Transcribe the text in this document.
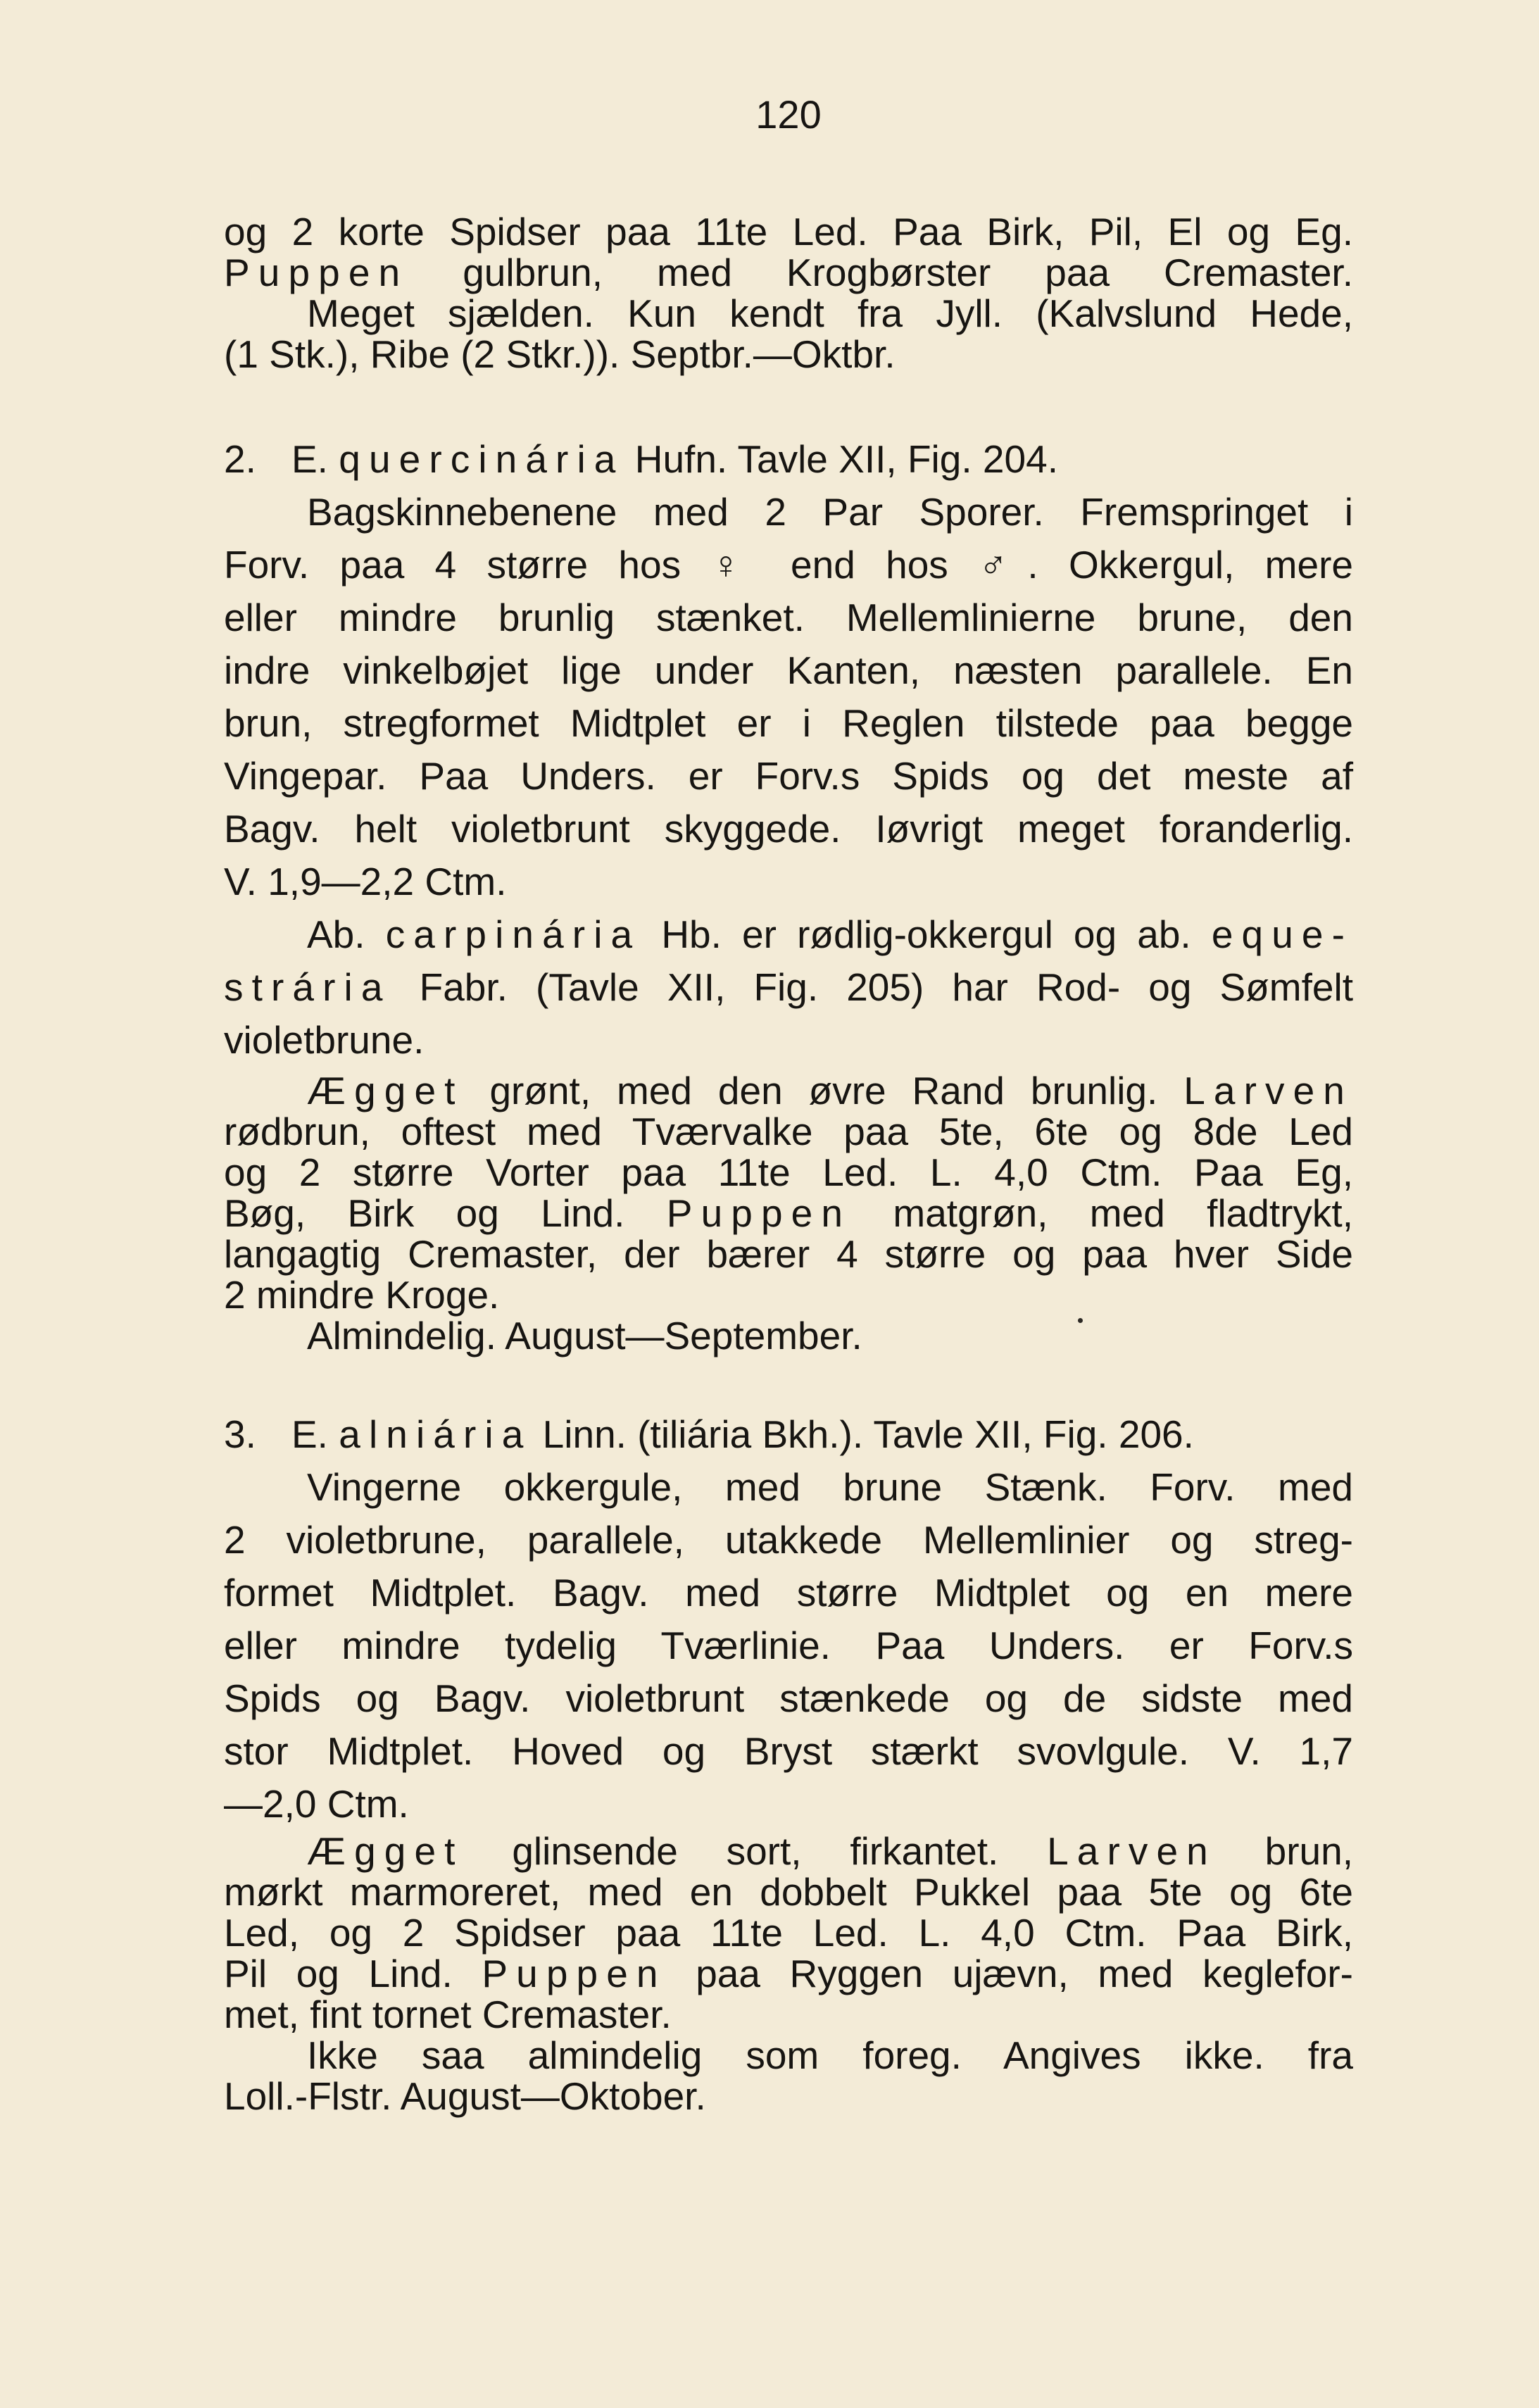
120
og 2 korte Spidser paa 11te Led. Paa Birk, Pil, El og Eg.
Puppen gulbrun, med Krogbørster paa Cremaster.
Meget sjælden. Kun kendt fra Jyll. (Kalvslund Hede,
(1 Stk.), Ribe (2 Stkr.)). Septbr.—Oktbr.
2. E. quercinária Hufn. Tavle XII, Fig. 204.
Bagskinnebenene med 2 Par Sporer. Fremspringet i
Forv. paa 4 større hos ♀ end hos ♂. Okkergul, mere
eller mindre brunlig stænket. Mellemlinierne brune, den
indre vinkelbøjet lige under Kanten, næsten parallele. En
brun, stregformet Midtplet er i Reglen tilstede paa begge
Vingepar. Paa Unders. er Forv.s Spids og det meste af
Bagv. helt violetbrunt skyggede. Iøvrigt meget foranderlig.
V. 1,9—2,2 Ctm.
Ab. carpinária Hb. er rødlig-okkergul og ab. eque-
strária Fabr. (Tavle XII, Fig. 205) har Rod- og Sømfelt
violetbrune.
Ægget grønt, med den øvre Rand brunlig. Larven
rødbrun, oftest med Tværvalke paa 5te, 6te og 8de Led
og 2 større Vorter paa 11te Led. L. 4,0 Ctm. Paa Eg,
Bøg, Birk og Lind. Puppen matgrøn, med fladtrykt,
langagtig Cremaster, der bærer 4 større og paa hver Side
2 mindre Kroge.
Almindelig. August—September.
3. E. alniária Linn. (tiliária Bkh.). Tavle XII, Fig. 206.
Vingerne okkergule, med brune Stænk. Forv. med
2 violetbrune, parallele, utakkede Mellemlinier og streg-
formet Midtplet. Bagv. med større Midtplet og en mere
eller mindre tydelig Tværlinie. Paa Unders. er Forv.s
Spids og Bagv. violetbrunt stænkede og de sidste med
stor Midtplet. Hoved og Bryst stærkt svovlgule. V. 1,7
—2,0 Ctm.
Ægget glinsende sort, firkantet. Larven brun,
mørkt marmoreret, med en dobbelt Pukkel paa 5te og 6te
Led, og 2 Spidser paa 11te Led. L. 4,0 Ctm. Paa Birk,
Pil og Lind. Puppen paa Ryggen ujævn, med keglefor-
met, fint tornet Cremaster.
Ikke saa almindelig som foreg. Angives ikke. fra
Loll.-Flstr. August—Oktober.
